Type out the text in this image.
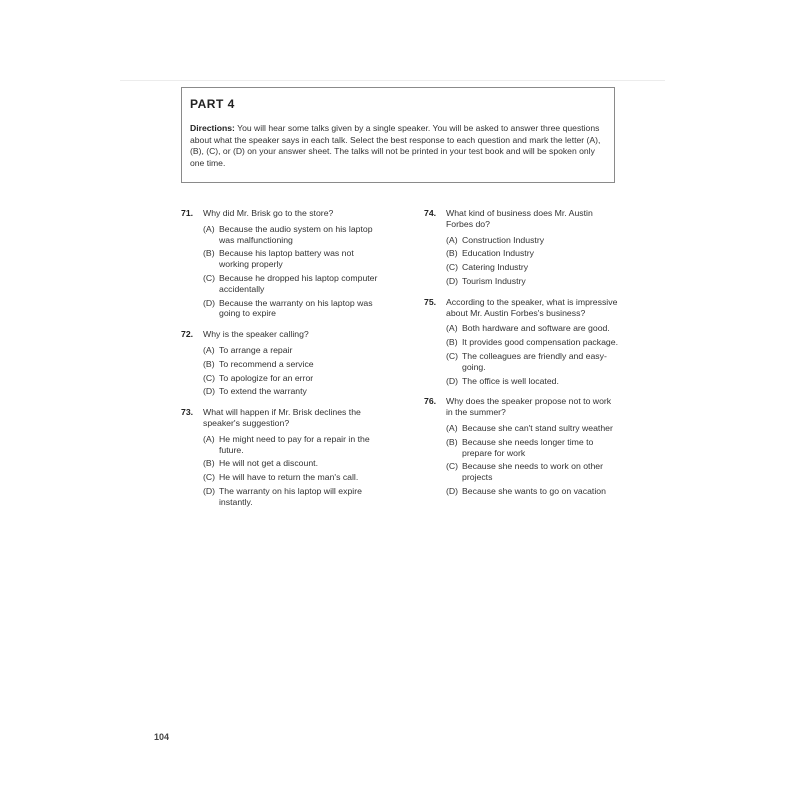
PART 4

Directions: You will hear some talks given by a single speaker. You will be asked to answer three questions about what the speaker says in each talk. Select the best response to each question and mark the letter (A), (B), (C), or (D) on your answer sheet. The talks will not be printed in your test book and will be spoken only one time.

71.	Why did Mr. Brisk go to the store?
(A) Because the audio system on his laptop was malfunctioning
(B) Because his laptop battery was not working properly
(C) Because he dropped his laptop computer accidentally
(D) Because the warranty on his laptop was going to expire
72.	Why is the speaker calling?
(A) To arrange a repair
(B) To recommend a service
(C) To apologize for an error
(D) To extend the warranty
73.	What will happen if Mr. Brisk declines the speaker's suggestion?
(A) He might need to pay for a repair in the future.
(B) He will not get a discount.
(C) He will have to return the man's call.
(D) The warranty on his laptop will expire instantly.
74.	What kind of business does Mr. Austin Forbes do?
(A) Construction Industry
(B) Education Industry
(C) Catering Industry
(D) Tourism Industry
75.	According to the speaker, what is impressive about Mr. Austin Forbes's business?
(A) Both hardware and software are good.
(B) It provides good compensation package.
(C) The colleagues are friendly and easy-going.
(D) The office is well located.
76.	Why does the speaker propose not to work in the summer?
(A) Because she can't stand sultry weather
(B) Because she needs longer time to prepare for work
(C) Because she needs to work on other projects
(D) Because she wants to go on vacation
104
